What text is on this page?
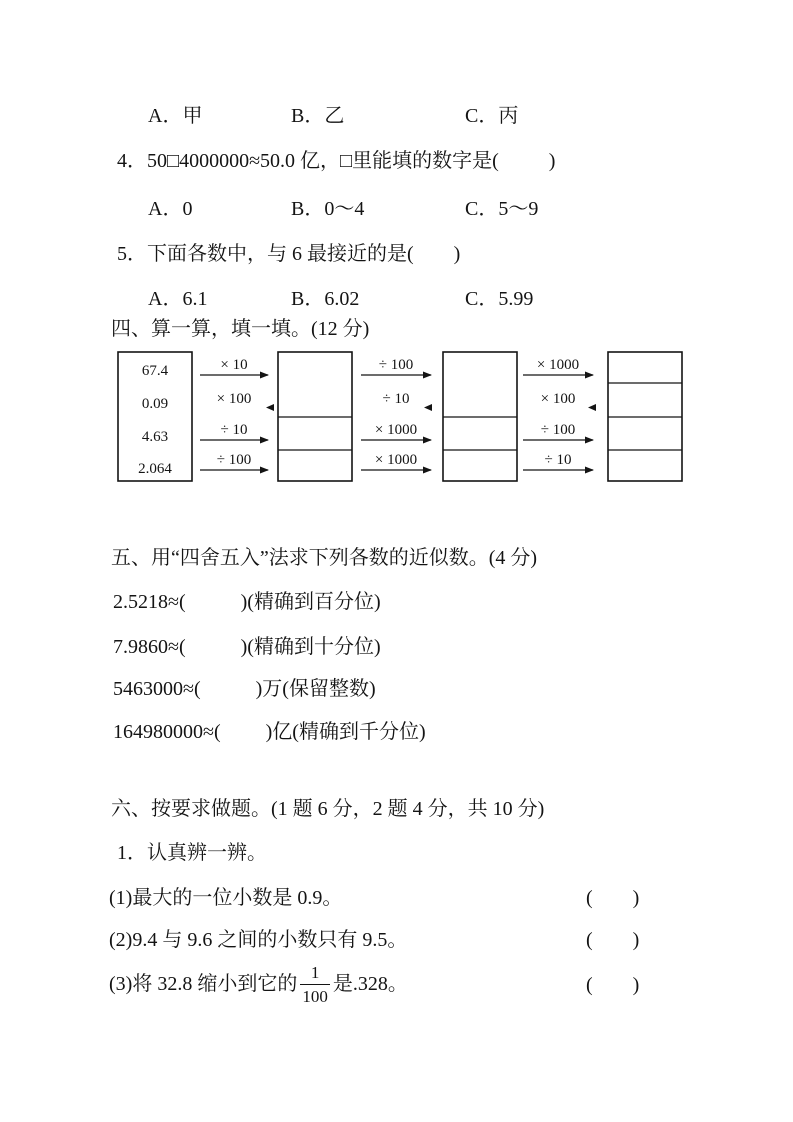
A．甲	B．乙	C．丙
4．50□4000000≈50.0 亿，□里能填的数字是(          )
A．0	B．0～4	C．5～9
5．下面各数中，与 6 最接近的是(        )
A．6.1	B．6.02	C．5.99
四、算一算，填一填。(12 分)
67.4
0.09
4.63
2.064
× 10
× 100
÷ 10
÷ 100
÷ 100
÷ 10
× 1000
× 1000
× 1000
× 100
÷ 100
÷ 10
五、用“四舍五入”法求下列各数的近似数。(4 分)
2.5218≈(           )(精确到百分位)
7.9860≈(           )(精确到十分位)
5463000≈(           )万(保留整数)
164980000≈(         )亿(精确到千分位)
六、按要求做题。(1 题 6 分，2 题 4 分，共 10 分)
1．认真辨一辨。
(1)最大的一位小数是 0.9。	(        )
(2)9.4 与 9.6 之间的小数只有 9.5。	(        )
(3)将 32.8 缩小到它的 $\frac{1}{100}$ 是.328。	(        )
